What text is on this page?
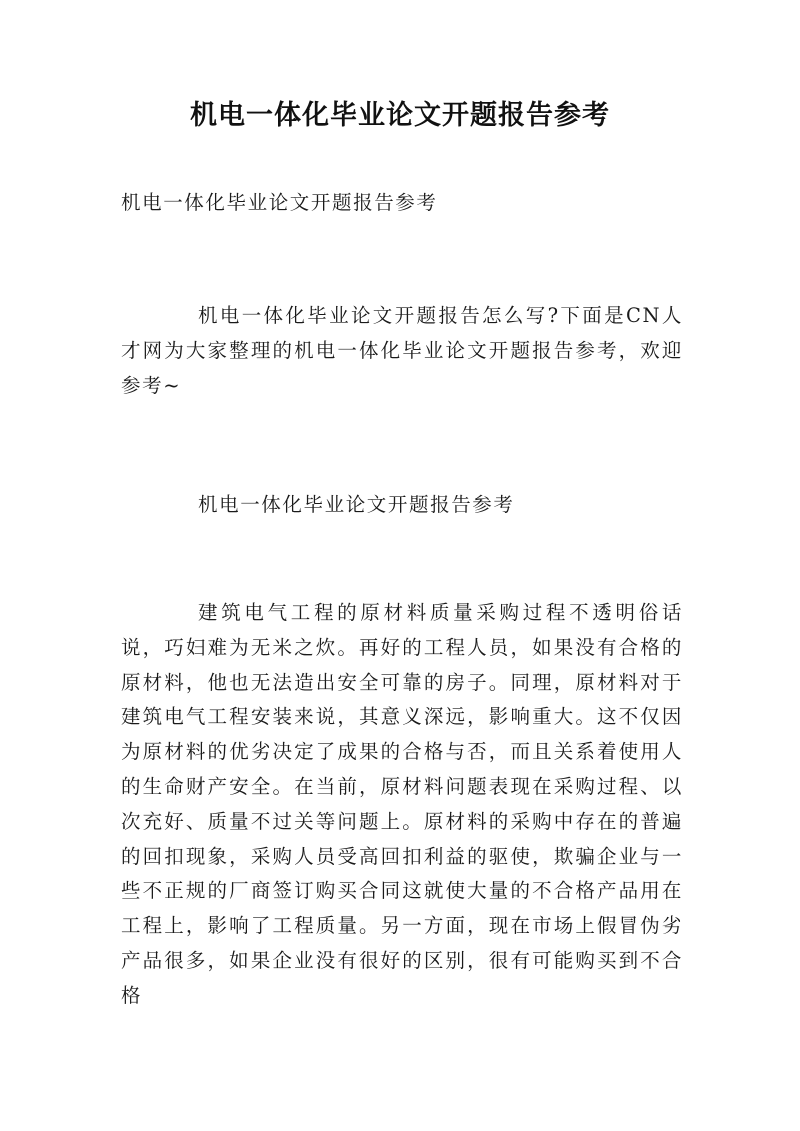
机电一体化毕业论文开题报告参考

机电一体化毕业论文开题报告参考

机电一体化毕业论文开题报告怎么写?下面是CN人才网为大家整理的机电一体化毕业论文开题报告参考，欢迎参考~

机电一体化毕业论文开题报告参考

建筑电气工程的原材料质量采购过程不透明俗话说，巧妇难为无米之炊。再好的工程人员，如果没有合格的原材料，他也无法造出安全可靠的房子。同理，原材料对于建筑电气工程安装来说，其意义深远，影响重大。这不仅因为原材料的优劣决定了成果的合格与否，而且关系着使用人的生命财产安全。在当前，原材料问题表现在采购过程、以次充好、质量不过关等问题上。原材料的采购中存在的普遍的回扣现象，采购人员受高回扣利益的驱使，欺骗企业与一些不正规的厂商签订购买合同这就使大量的不合格产品用在工程上，影响了工程质量。另一方面，现在市场上假冒伪劣产品很多，如果企业没有很好的区别，很有可能购买到不合格
